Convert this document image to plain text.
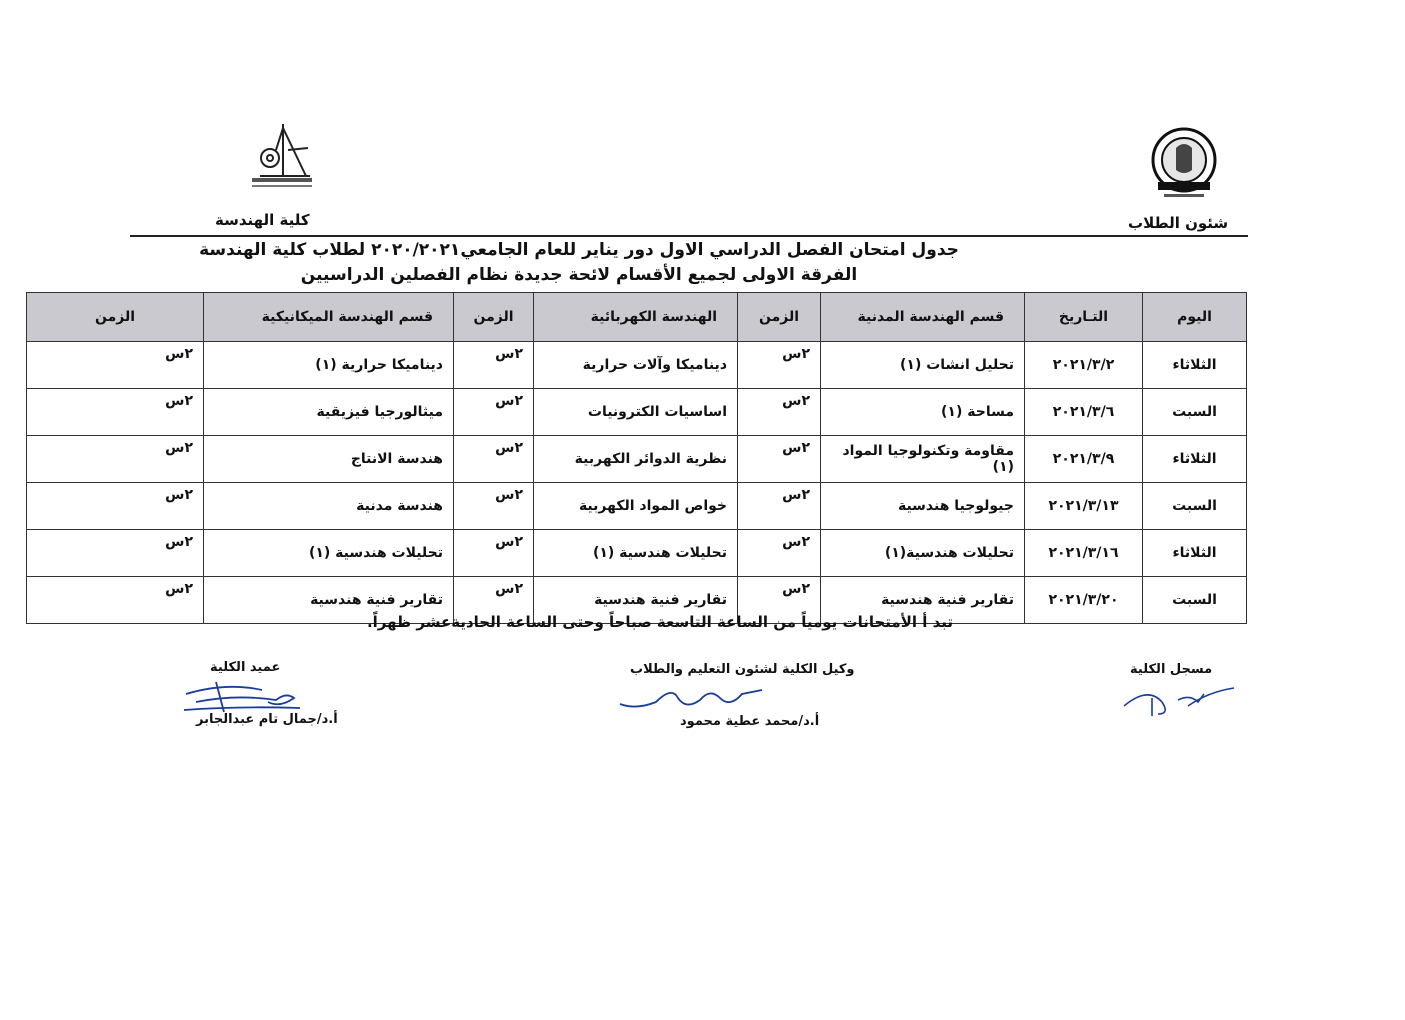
كلية الهندسة	شئون الطلاب
جدول امتحان الفصل الدراسي الاول دور يناير للعام الجامعي٢٠٢٠/٢٠٢١ لطلاب كلية الهندسة
الفرقة الاولى لجميع الأقسام لائحة جديدة نظام الفصلين الدراسيين
اليوم	التـاريخ	قسم الهندسة المدنية	الزمن	الهندسة الكهربائية	الزمن	قسم الهندسة الميكانيكية	الزمن
الثلاثاء	٢٠٢١/٣/٢	تحليل انشات (١)	٢س	ديناميكا وآلات حرارية	٢س	ديناميكا حرارية (١)	٢س
السبت	٢٠٢١/٣/٦	مساحة (١)	٢س	اساسيات الكترونيات	٢س	ميثالورجيا فيزيقية	٢س
الثلاثاء	٢٠٢١/٣/٩	مقاومة وتكنولوجيا المواد (١)	٢س	نظرية الدوائر الكهربية	٢س	هندسة الانتاج	٢س
السبت	٢٠٢١/٣/١٣	جيولوجيا هندسية	٢س	خواص المواد الكهربية	٢س	هندسة مدنية	٢س
الثلاثاء	٢٠٢١/٣/١٦	تحليلات هندسية(١)	٢س	تحليلات هندسية (١)	٢س	تحليلات هندسية (١)	٢س
السبت	٢٠٢١/٣/٢٠	تقارير فنية هندسية	٢س	تقارير فنية هندسية	٢س	تقارير فنية هندسية	٢س
تبد أ الأمتحانات يومياً من الساعة التاسعة صباحاً وحتى الساعة الحاديةعشر ظهراً.
مسجل الكلية
وكيل الكلية لشئون التعليم والطلاب
أ.د/محمد عطية محمود
عميد الكلية
أ.د/جمال تام عبدالجابر
